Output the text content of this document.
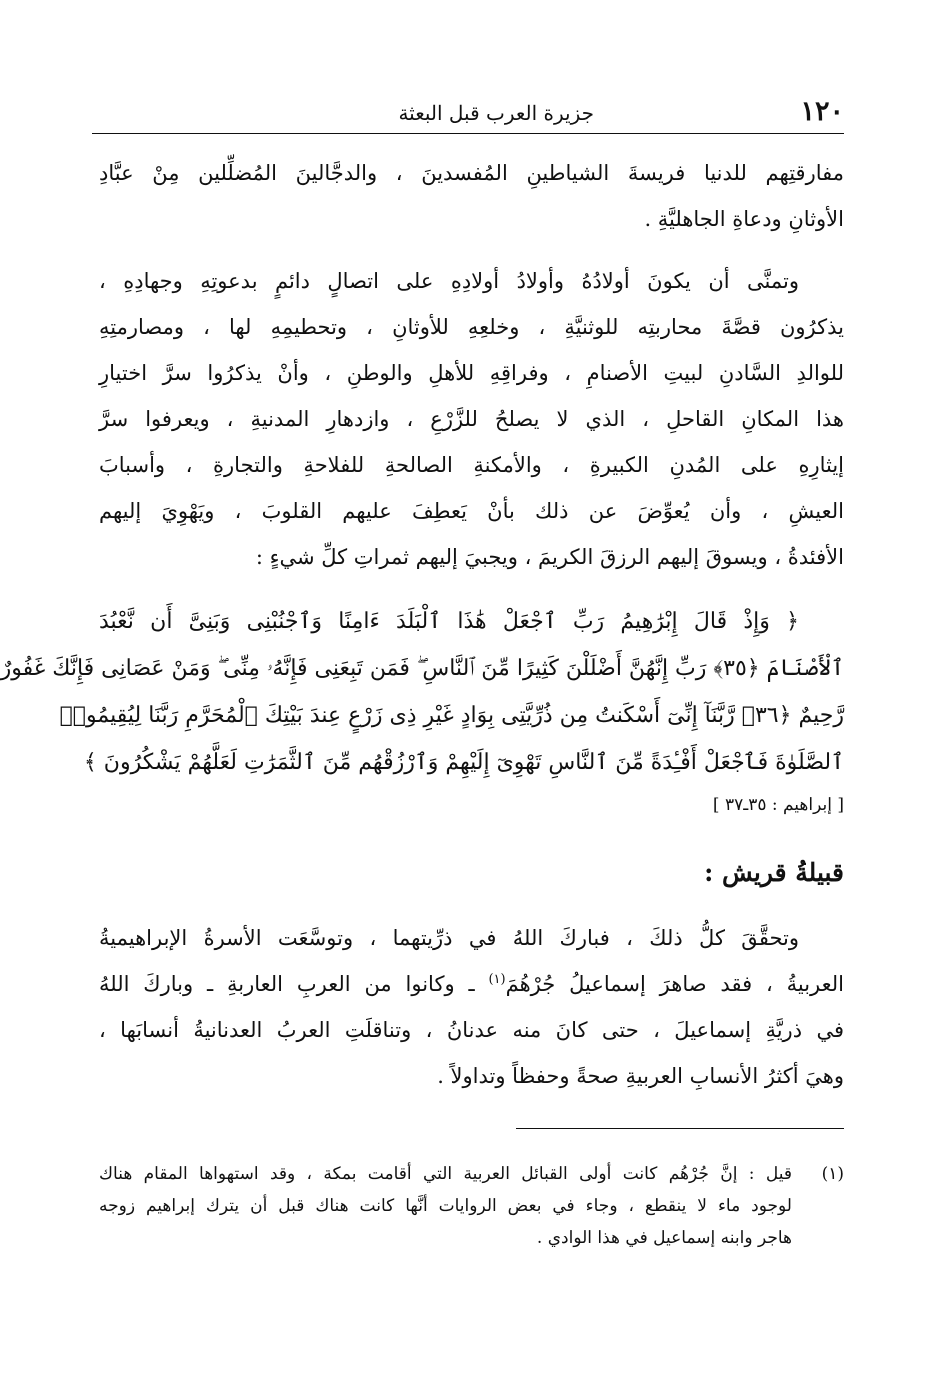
١٢٠
جزيرة العرب قبل البعثة
مفارقتِهم للدنيا فريسةَ الشياطينِ المُفسدينَ ، والدجَّالينَ المُضلِّلين مِنْ عبَّادِ
الأوثانِ ودعاةِ الجاهليَّةِ .
وتمنَّى أن يكونَ أولادُهُ وأولادُ أولادِهِ على اتصالٍ دائمٍ بدعوتِهِ وجهادِهِ ،
يذكرُون قصَّةَ محاربتِه للوثنيَّةِ ، وخلعِهِ للأوثانِ ، وتحطيمِهِ لها ، ومصارمتِهِ
للوالدِ السَّادنِ لبيتِ الأصنامِ ، وفراقِهِ للأهلِ والوطنِ ، وأنْ يذكرُوا سرَّ اختيارِ
هذا المكانِ القاحلِ ، الذي لا يصلحُ للزَّرْعِ ، وازدهارِ المدنيةِ ، ويعرفوا سرَّ
إيثارِهِ على المُدنِ الكبيرةِ ، والأمكنةِ الصالحةِ للفلاحةِ والتجارةِ ، وأسبابَ
العيشِ ، وأن يُعوِّضَ عن ذلك بأنْ يَعطِفَ عليهم القلوبَ ، ويَهْوِيَ إليهم
الأفئدةُ ، ويسوقَ إليهم الرزقَ الكريمَ ، ويجبيَ إليهم ثمراتِ كلِّ شيءٍ :
﴿ وَإِذْ قَالَ إِبْرَٰهِيمُ رَبِّ ٱجْعَلْ هَٰذَا ٱلْبَلَدَ ءَامِنًا وَٱجْنُبْنِى وَبَنِىَّ أَن نَّعْبُدَ
ٱلْأَصْنَامَ ﴿٣٥﴾ رَبِّ إِنَّهُنَّ أَضْلَلْنَ كَثِيرًا مِّنَ ٱلنَّاسِ ۖ فَمَن تَبِعَنِى فَإِنَّهُۥ مِنِّى ۖ وَمَنْ عَصَانِى فَإِنَّكَ غَفُورٌ
رَّحِيمٌ ﴿٣٦﴾ رَّبَّنَآ إِنِّىٓ أَسْكَنتُ مِن ذُرِّيَّتِى بِوَادٍ غَيْرِ ذِى زَرْعٍ عِندَ بَيْتِكَ ٱلْمُحَرَّمِ رَبَّنَا لِيُقِيمُوا۟
ٱلصَّلَوٰةَ فَٱجْعَلْ أَفْـِٔدَةً مِّنَ ٱلنَّاسِ تَهْوِىٓ إِلَيْهِمْ وَٱرْزُقْهُم مِّنَ ٱلثَّمَرَٰتِ لَعَلَّهُمْ يَشْكُرُونَ ﴾
[ إبراهيم : ٣٥ـ٣٧ ]
قبيلةُ قريش :
وتحقَّقَ كلُّ ذلكَ ، فباركَ اللهُ في ذرِّيتهما ، وتوسَّعَت الأسرةُ الإبراهيميةُ
العربيةُ ، فقد صاهرَ إسماعيلُ جُرْهُمَ$^{(١)}$ ـ وكانوا من العربِ العاربةِ ـ وباركَ اللهُ
في ذريَّةِ إسماعيلَ ، حتى كانَ منه عدنانُ ، وتناقلَتِ العربُ العدنانيةُ أنسابَها ،
وهيَ أكثرُ الأنسابِ العربيةِ صحةً وحفظاً وتداولاً .
(١)
قيل : إنَّ جُرْهُم كانت أولى القبائل العربية التي أقامت بمكة ، وقد استهواها المقام هناك
لوجود ماء لا ينقطع ، وجاء في بعض الروايات أنَّها كانت هناك قبل أن يترك إبراهيم زوجه
هاجر وابنه إسماعيل في هذا الوادي .
